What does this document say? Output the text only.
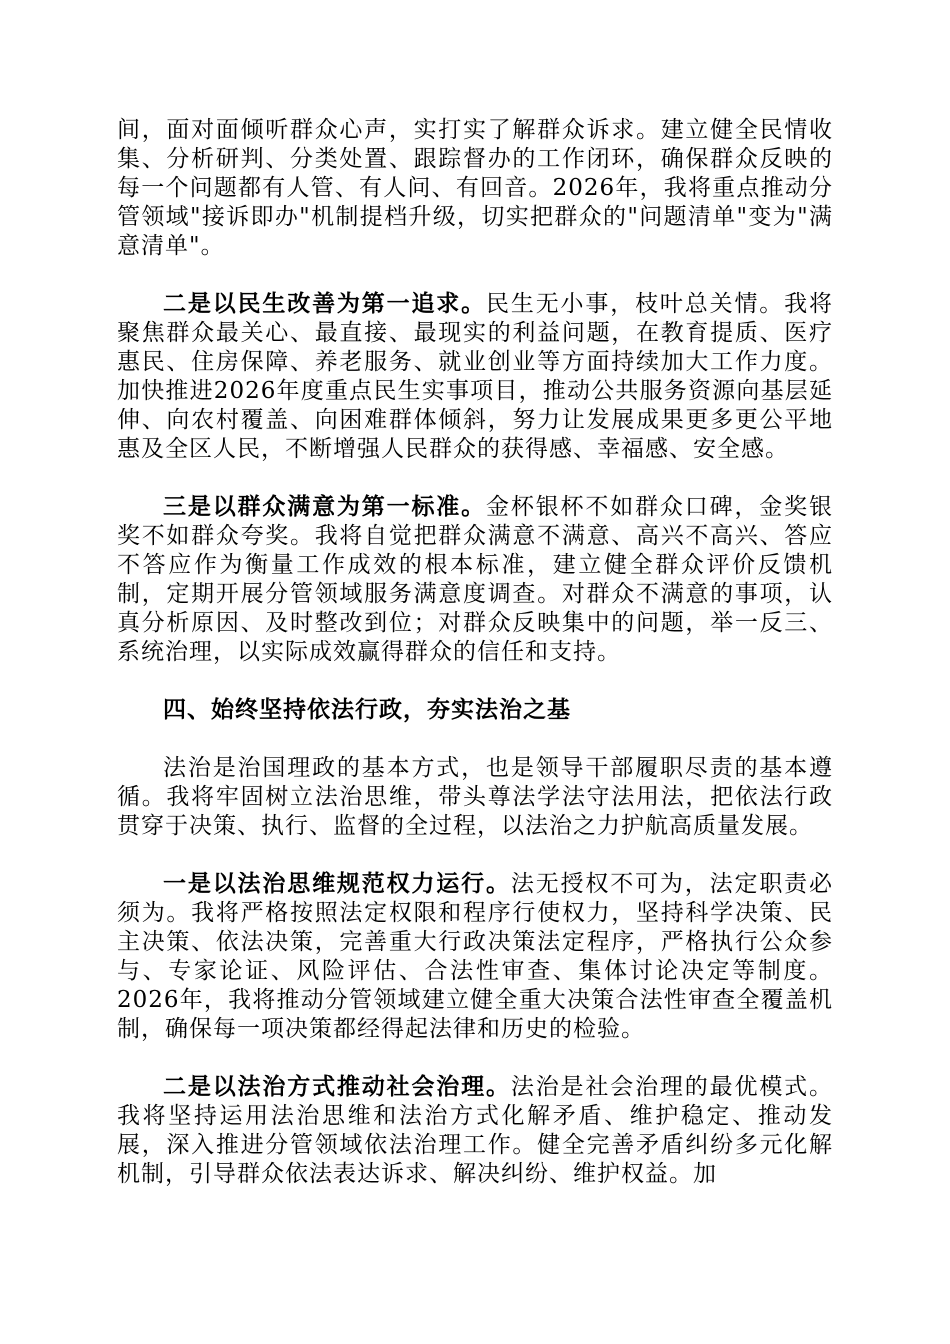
间，面对面倾听群众心声，实打实了解群众诉求。建立健全民情收集、分析研判、分类处置、跟踪督办的工作闭环，确保群众反映的每一个问题都有人管、有人问、有回音。2026年，我将重点推动分管领域"接诉即办"机制提档升级，切实把群众的"问题清单"变为"满意清单"。

二是以民生改善为第一追求。民生无小事，枝叶总关情。我将聚焦群众最关心、最直接、最现实的利益问题，在教育提质、医疗惠民、住房保障、养老服务、就业创业等方面持续加大工作力度。加快推进2026年度重点民生实事项目，推动公共服务资源向基层延伸、向农村覆盖、向困难群体倾斜，努力让发展成果更多更公平地惠及全区人民，不断增强人民群众的获得感、幸福感、安全感。

三是以群众满意为第一标准。金杯银杯不如群众口碑，金奖银奖不如群众夸奖。我将自觉把群众满意不满意、高兴不高兴、答应不答应作为衡量工作成效的根本标准，建立健全群众评价反馈机制，定期开展分管领域服务满意度调查。对群众不满意的事项，认真分析原因、及时整改到位；对群众反映集中的问题，举一反三、系统治理，以实际成效赢得群众的信任和支持。

四、始终坚持依法行政，夯实法治之基

法治是治国理政的基本方式，也是领导干部履职尽责的基本遵循。我将牢固树立法治思维，带头尊法学法守法用法，把依法行政贯穿于决策、执行、监督的全过程，以法治之力护航高质量发展。

一是以法治思维规范权力运行。法无授权不可为，法定职责必须为。我将严格按照法定权限和程序行使权力，坚持科学决策、民主决策、依法决策，完善重大行政决策法定程序，严格执行公众参与、专家论证、风险评估、合法性审查、集体讨论决定等制度。2026年，我将推动分管领域建立健全重大决策合法性审查全覆盖机制，确保每一项决策都经得起法律和历史的检验。

二是以法治方式推动社会治理。法治是社会治理的最优模式。我将坚持运用法治思维和法治方式化解矛盾、维护稳定、推动发展，深入推进分管领域依法治理工作。健全完善矛盾纠纷多元化解机制，引导群众依法表达诉求、解决纠纷、维护权益。加
